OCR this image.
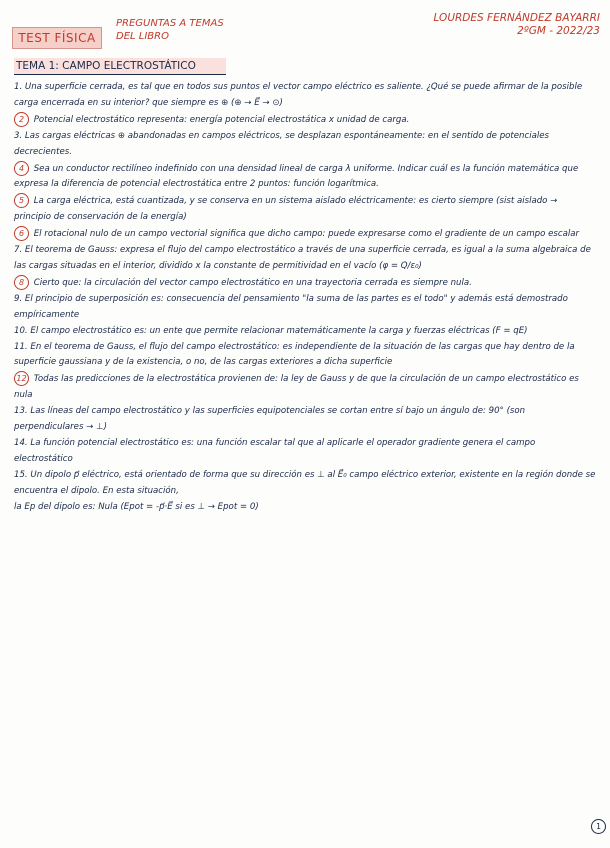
TEST FÍSICA
PREGUNTAS A TEMAS
DEL LIBRO
LOURDES FERNÁNDEZ BAYARRI
2ºGM - 2022/23
TEMA 1: CAMPO ELECTROSTÁTICO

1. Una superficie cerrada, es tal que en todos sus puntos el vector campo eléctrico es saliente. ¿Qué se puede afirmar de la posible carga encerrada en su interior? que siempre es ⊕ (⊕ → E⃗ → ⊙)

2 Potencial electrostático representa: energía potencial electrostática x unidad de carga.

3. Las cargas eléctricas ⊕ abandonadas en campos eléctricos, se desplazan espontáneamente: en el sentido de potenciales decrecientes.

4 Sea un conductor rectilíneo indefinido con una densidad lineal de carga λ uniforme. Indicar cuál es la función matemática que expresa la diferencia de potencial electrostática entre 2 puntos: función logarítmica.

5 La carga eléctrica, está cuantizada, y se conserva en un sistema aislado eléctricamente: es cierto siempre (sist aislado → principio de conservación de la energía)

6 El rotacional nulo de un campo vectorial significa que dicho campo: puede expresarse como el gradiente de un campo escalar

7. El teorema de Gauss: expresa el flujo del campo electrostático a través de una superficie cerrada, es igual a la suma algebraica de las cargas situadas en el interior, dividido x la constante de permitividad en el vacío (φ = Q/ε₀)

8 Cierto que: la circulación del vector campo electrostático en una trayectoria cerrada es siempre nula.

9. El principio de superposición es: consecuencia del pensamiento "la suma de las partes es el todo" y además está demostrado empíricamente

10. El campo electrostático es: un ente que permite relacionar matemáticamente la carga y fuerzas eléctricas (F = qE)

11. En el teorema de Gauss, el flujo del campo electrostático: es independiente de la situación de las cargas que hay dentro de la superficie gaussiana y de la existencia, o no, de las cargas exteriores a dicha superficie

12 Todas las predicciones de la electrostática provienen de: la ley de Gauss y de que la circulación de un campo electrostático es nula

13. Las líneas del campo electrostático y las superficies equipotenciales se cortan entre sí bajo un ángulo de: 90° (son perpendiculares → ⊥)

14. La función potencial electrostático es: una función escalar tal que al aplicarle el operador gradiente genera el campo electrostático

15. Un dipolo p⃗ eléctrico, está orientado de forma que su dirección es ⊥ al E⃗₀ campo eléctrico exterior, existente en la región donde se encuentra el dipolo. En esta situación,

la Ep del dipolo es: Nula (Epot = -p⃗·E⃗ si es ⊥ → Epot = 0)

1
